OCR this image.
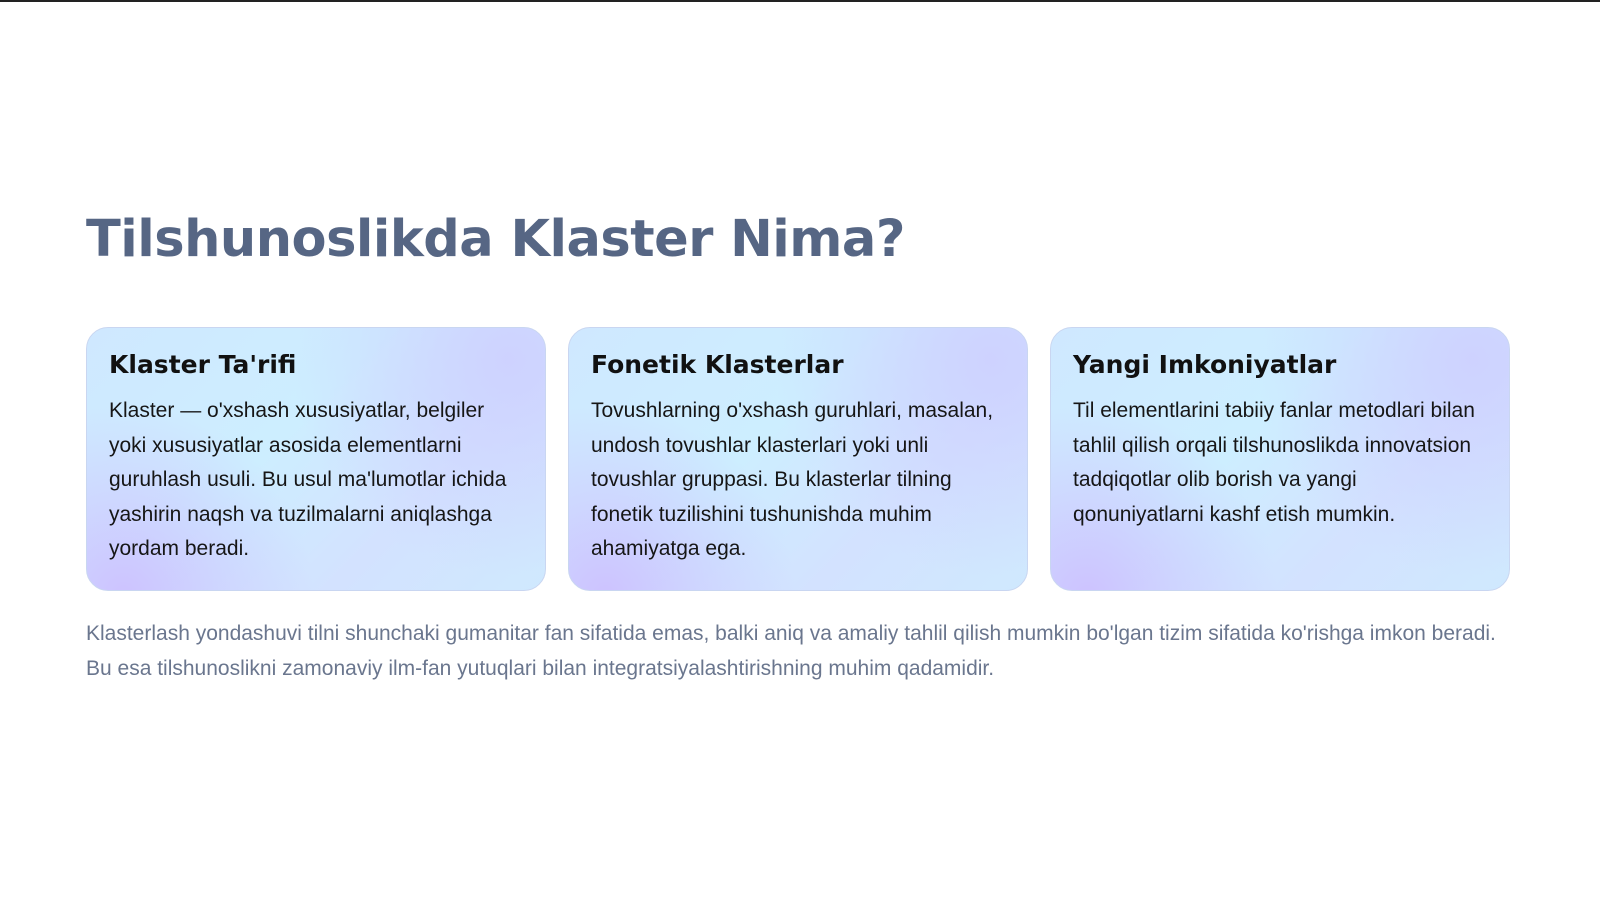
Tilshunoslikda Klaster Nima?
Klaster Ta'rifi

Klaster — o'xshash xususiyatlar, belgiler yoki xususiyatlar asosida elementlarni guruhlash usuli. Bu usul ma'lumotlar ichida yashirin naqsh va tuzilmalarni aniqlashga yordam beradi.

Fonetik Klasterlar

Tovushlarning o'xshash guruhlari, masalan, undosh tovushlar klasterlari yoki unli tovushlar gruppasi. Bu klasterlar tilning fonetik tuzilishini tushunishda muhim ahamiyatga ega.

Yangi Imkoniyatlar

Til elementlarini tabiiy fanlar metodlari bilan tahlil qilish orqali tilshunoslikda innovatsion tadqiqotlar olib borish va yangi qonuniyatlarni kashf etish mumkin.

Klasterlash yondashuvi tilni shunchaki gumanitar fan sifatida emas, balki aniq va amaliy tahlil qilish mumkin bo'lgan tizim sifatida ko'rishga imkon beradi. Bu esa tilshunoslikni zamonaviy ilm-fan yutuqlari bilan integratsiyalashtirishning muhim qadamidir.
